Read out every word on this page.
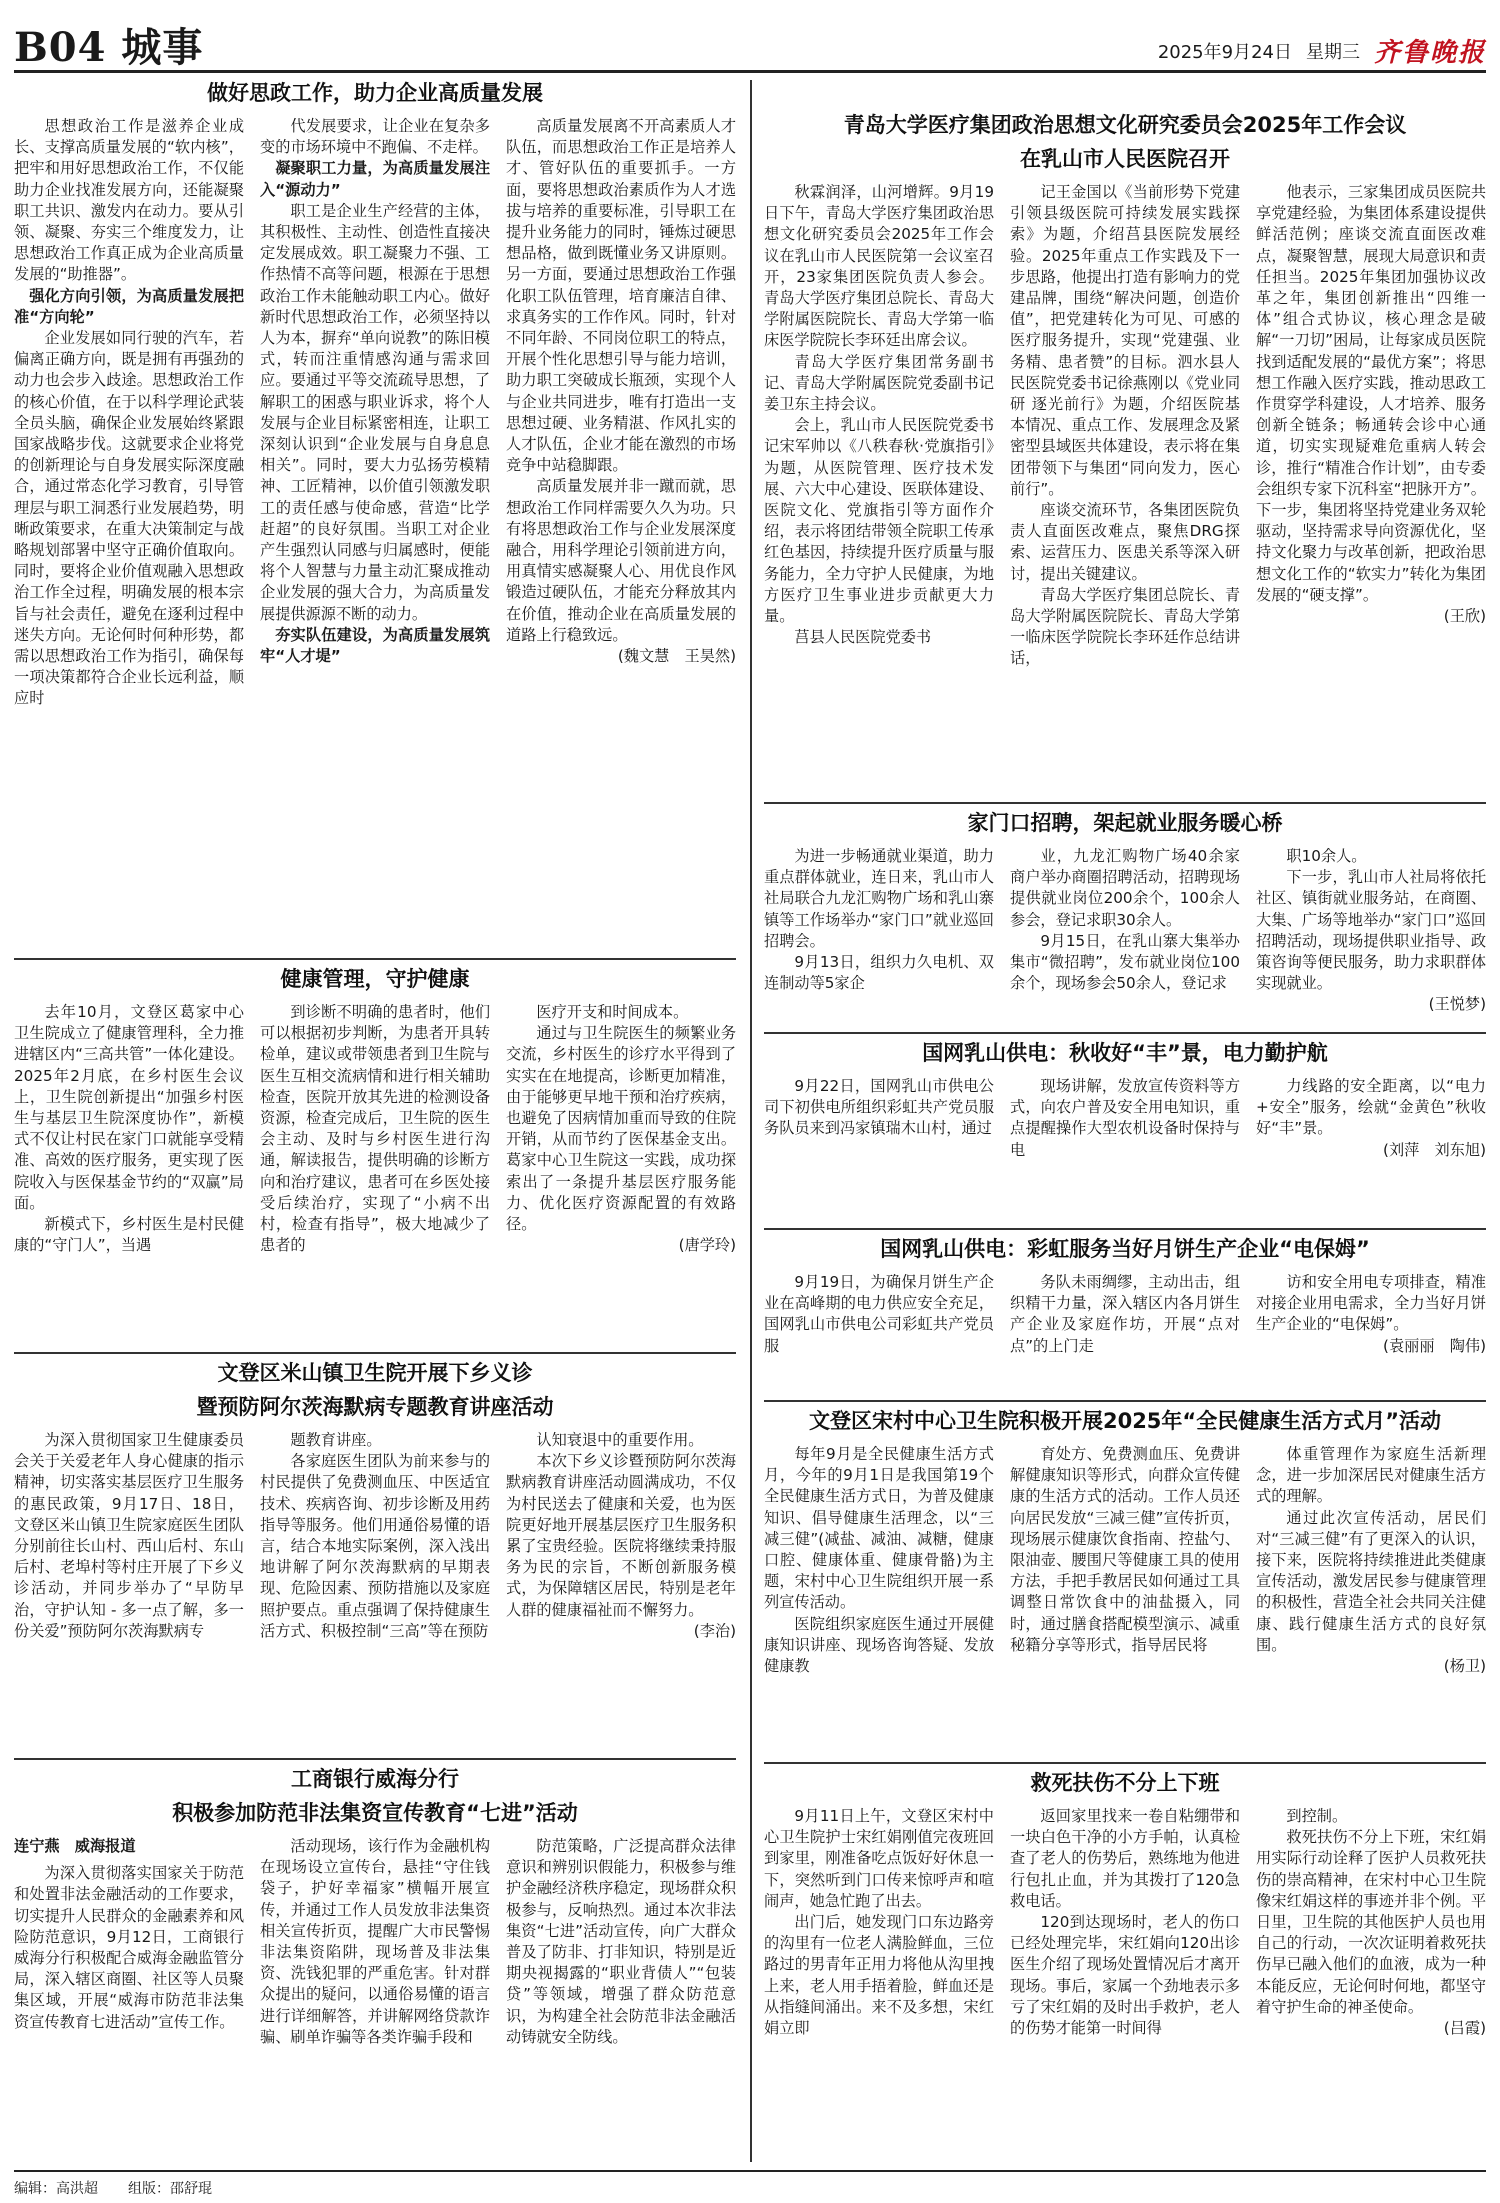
B04 城事	2025年9月24日 星期三 齐鲁晚报
做好思政工作，助力企业高质量发展

思想政治工作是滋养企业成长、支撑高质量发展的“软内核”，把牢和用好思想政治工作，不仅能助力企业找准发展方向，还能凝聚职工共识、激发内在动力。要从引领、凝聚、夯实三个维度发力，让思想政治工作真正成为企业高质量发展的“助推器”。

强化方向引领，为高质量发展把准“方向轮”

企业发展如同行驶的汽车，若偏离正确方向，既是拥有再强劲的动力也会步入歧途。思想政治工作的核心价值，在于以科学理论武装全员头脑，确保企业发展始终紧跟国家战略步伐。这就要求企业将党的创新理论与自身发展实际深度融合，通过常态化学习教育，引导管理层与职工洞悉行业发展趋势，明晰政策要求，在重大决策制定与战略规划部署中坚守正确价值取向。同时，要将企业价值观融入思想政治工作全过程，明确发展的根本宗旨与社会责任，避免在逐利过程中迷失方向。无论何时何种形势，都需以思想政治工作为指引，确保每一项决策都符合企业长远利益，顺应时

代发展要求，让企业在复杂多变的市场环境中不跑偏、不走样。

凝聚职工力量，为高质量发展注入“源动力”

职工是企业生产经营的主体，其积极性、主动性、创造性直接决定发展成效。职工凝聚力不强、工作热情不高等问题，根源在于思想政治工作未能触动职工内心。做好新时代思想政治工作，必须坚持以人为本，摒弃“单向说教”的陈旧模式，转而注重情感沟通与需求回应。要通过平等交流疏导思想，了解职工的困惑与职业诉求，将个人发展与企业目标紧密相连，让职工深刻认识到“企业发展与自身息息相关”。同时，要大力弘扬劳模精神、工匠精神，以价值引领激发职工的责任感与使命感，营造“比学赶超”的良好氛围。当职工对企业产生强烈认同感与归属感时，便能将个人智慧与力量主动汇聚成推动企业发展的强大合力，为高质量发展提供源源不断的动力。

夯实队伍建设，为高质量发展筑牢“人才堤”

高质量发展离不开高素质人才队伍，而思想政治工作正是培养人才、管好队伍的重要抓手。一方面，要将思想政治素质作为人才选拔与培养的重要标准，引导职工在提升业务能力的同时，锤炼过硬思想品格，做到既懂业务又讲原则。另一方面，要通过思想政治工作强化职工队伍管理，培育廉洁自律、求真务实的工作作风。同时，针对不同年龄、不同岗位职工的特点，开展个性化思想引导与能力培训，助力职工突破成长瓶颈，实现个人与企业共同进步，唯有打造出一支思想过硬、业务精湛、作风扎实的人才队伍，企业才能在激烈的市场竞争中站稳脚跟。

高质量发展并非一蹴而就，思想政治工作同样需要久久为功。只有将思想政治工作与企业发展深度融合，用科学理论引领前进方向，用真情实感凝聚人心、用优良作风锻造过硬队伍，才能充分释放其内在价值，推动企业在高质量发展的道路上行稳致远。

(魏文慧　王昊然)

健康管理，守护健康

去年10月，文登区葛家中心卫生院成立了健康管理科，全力推进辖区内“三高共管”一体化建设。2025年2月底，在乡村医生会议上，卫生院创新提出“加强乡村医生与基层卫生院深度协作”，新模式不仅让村民在家门口就能享受精准、高效的医疗服务，更实现了医院收入与医保基金节约的“双赢”局面。

新模式下，乡村医生是村民健康的“守门人”，当遇

到诊断不明确的患者时，他们可以根据初步判断，为患者开具转检单，建议或带领患者到卫生院与医生互相交流病情和进行相关辅助检查，医院开放其先进的检测设备资源，检查完成后，卫生院的医生会主动、及时与乡村医生进行沟通，解读报告，提供明确的诊断方向和治疗建议，患者可在乡医处接受后续治疗，实现了“小病不出村，检查有指导”，极大地减少了患者的

医疗开支和时间成本。

通过与卫生院医生的频繁业务交流，乡村医生的诊疗水平得到了实实在在地提高，诊断更加精准，由于能够更早地干预和治疗疾病，也避免了因病情加重而导致的住院开销，从而节约了医保基金支出。葛家中心卫生院这一实践，成功探索出了一条提升基层医疗服务能力、优化医疗资源配置的有效路径。

(唐学玲)

文登区米山镇卫生院开展下乡义诊
暨预防阿尔茨海默病专题教育讲座活动

为深入贯彻国家卫生健康委员会关于关爱老年人身心健康的指示精神，切实落实基层医疗卫生服务的惠民政策，9月17日、18日，文登区米山镇卫生院家庭医生团队分别前往长山村、西山后村、东山后村、老埠村等村庄开展了下乡义诊活动，并同步举办了“早防早治，守护认知 - 多一点了解，多一份关爱”预防阿尔茨海默病专

题教育讲座。

各家庭医生团队为前来参与的村民提供了免费测血压、中医适宜技术、疾病咨询、初步诊断及用药指导等服务。他们用通俗易懂的语言，结合本地实际案例，深入浅出地讲解了阿尔茨海默病的早期表现、危险因素、预防措施以及家庭照护要点。重点强调了保持健康生活方式、积极控制“三高”等在预防

认知衰退中的重要作用。

本次下乡义诊暨预防阿尔茨海默病教育讲座活动圆满成功，不仅为村民送去了健康和关爱，也为医院更好地开展基层医疗卫生服务积累了宝贵经验。医院将继续秉持服务为民的宗旨，不断创新服务模式，为保障辖区居民，特别是老年人群的健康福祉而不懈努力。

(李治)

工商银行威海分行
积极参加防范非法集资宣传教育“七进”活动

连宁燕　威海报道

为深入贯彻落实国家关于防范和处置非法金融活动的工作要求，切实提升人民群众的金融素养和风险防范意识，9月12日，工商银行威海分行积极配合威海金融监管分局，深入辖区商圈、社区等人员聚集区域，开展“威海市防范非法集资宣传教育七进活动”宣传工作。

活动现场，该行作为金融机构在现场设立宣传台，悬挂“守住钱袋子，护好幸福家”横幅开展宣传，并通过工作人员发放非法集资相关宣传折页，提醒广大市民警惕非法集资陷阱，现场普及非法集资、洗钱犯罪的严重危害。针对群众提出的疑问，以通俗易懂的语言进行详细解答，并讲解网络贷款诈骗、刷单诈骗等各类诈骗手段和

防范策略，广泛提高群众法律意识和辨别识假能力，积极参与维护金融经济秩序稳定，现场群众积极参与，反响热烈。通过本次非法集资“七进”活动宣传，向广大群众普及了防非、打非知识，特别是近期央视揭露的“职业背债人”“包装贷”等领域，增强了群众防范意识，为构建全社会防范非法金融活动铸就安全防线。

青岛大学医疗集团政治思想文化研究委员会2025年工作会议
在乳山市人民医院召开

秋霖润泽，山河增辉。9月19日下午，青岛大学医疗集团政治思想文化研究委员会2025年工作会议在乳山市人民医院第一会议室召开，23家集团医院负责人参会。青岛大学医疗集团总院长、青岛大学附属医院院长、青岛大学第一临床医学院院长李环廷出席会议。

青岛大学医疗集团常务副书记、青岛大学附属医院党委副书记姜卫东主持会议。

会上，乳山市人民医院党委书记宋军帅以《八秩春秋·党旗指引》为题，从医院管理、医疗技术发展、六大中心建设、医联体建设、医院文化、党旗指引等方面作介绍，表示将团结带领全院职工传承红色基因，持续提升医疗质量与服务能力，全力守护人民健康，为地方医疗卫生事业进步贡献更大力量。

莒县人民医院党委书

记王金国以《当前形势下党建引领县级医院可持续发展实践探索》为题，介绍莒县医院发展经验。2025年重点工作实践及下一步思路，他提出打造有影响力的党建品牌，围绕“解决问题，创造价值”，把党建转化为可见、可感的医疗服务提升，实现“党建强、业务精、患者赞”的目标。泗水县人民医院党委书记徐燕刚以《党业同研 逐光前行》为题，介绍医院基本情况、重点工作、发展理念及紧密型县域医共体建设，表示将在集团带领下与集团“同向发力，医心前行”。

座谈交流环节，各集团医院负责人直面医改难点，聚焦DRG探索、运营压力、医患关系等深入研讨，提出关键建议。

青岛大学医疗集团总院长、青岛大学附属医院院长、青岛大学第一临床医学院院长李环廷作总结讲话，

他表示，三家集团成员医院共享党建经验，为集团体系建设提供鲜活范例；座谈交流直面医改难点，凝聚智慧，展现大局意识和责任担当。2025年集团加强协议改革之年，集团创新推出“四维一体”组合式协议，核心理念是破解“一刀切”困局，让每家成员医院找到适配发展的“最优方案”；将思想工作融入医疗实践，推动思政工作贯穿学科建设，人才培养、服务创新全链条；畅通转会诊中心通道，切实实现疑难危重病人转会诊，推行“精准合作计划”，由专委会组织专家下沉科室“把脉开方”。下一步，集团将坚持党建业务双轮驱动，坚持需求导向资源优化，坚持文化聚力与改革创新，把政治思想文化工作的“软实力”转化为集团发展的“硬支撑”。

(王欣)

家门口招聘，架起就业服务暖心桥

为进一步畅通就业渠道，助力重点群体就业，连日来，乳山市人社局联合九龙汇购物广场和乳山寨镇等工作场举办“家门口”就业巡回招聘会。

9月13日，组织力久电机、双连制动等5家企

业，九龙汇购物广场40余家商户举办商圈招聘活动，招聘现场提供就业岗位200余个，100余人参会，登记求职30余人。

9月15日，在乳山寨大集举办集市“微招聘”，发布就业岗位100余个，现场参会50余人，登记求

职10余人。

下一步，乳山市人社局将依托社区、镇街就业服务站，在商圈、大集、广场等地举办“家门口”巡回招聘活动，现场提供职业指导、政策咨询等便民服务，助力求职群体实现就业。

(王悦梦)

国网乳山供电：秋收好“丰”景，电力勤护航

9月22日，国网乳山市供电公司下初供电所组织彩虹共产党员服务队员来到冯家镇瑞木山村，通过

现场讲解，发放宣传资料等方式，向农户普及安全用电知识，重点提醒操作大型农机设备时保持与电

力线路的安全距离，以“电力+安全”服务，绘就“金黄色”秋收好“丰”景。

(刘萍　刘东旭)

国网乳山供电：彩虹服务当好月饼生产企业“电保姆”

9月19日，为确保月饼生产企业在高峰期的电力供应安全充足，国网乳山市供电公司彩虹共产党员服

务队未雨绸缪，主动出击，组织精干力量，深入辖区内各月饼生产企业及家庭作坊，开展“点对点”的上门走

访和安全用电专项排查，精准对接企业用电需求，全力当好月饼生产企业的“电保姆”。

(袁丽丽　陶伟)

文登区宋村中心卫生院积极开展2025年“全民健康生活方式月”活动

每年9月是全民健康生活方式月，今年的9月1日是我国第19个全民健康生活方式日，为普及健康知识、倡导健康生活理念，以“三减三健”(减盐、减油、减糖，健康口腔、健康体重、健康骨骼)为主题，宋村中心卫生院组织开展一系列宣传活动。

医院组织家庭医生通过开展健康知识讲座、现场咨询答疑、发放健康教

育处方、免费测血压、免费讲解健康知识等形式，向群众宣传健康的生活方式的活动。工作人员还向居民发放“三减三健”宣传折页，现场展示健康饮食指南、控盐勺、限油壶、腰围尺等健康工具的使用方法，手把手教居民如何通过工具调整日常饮食中的油盐摄入，同时，通过膳食搭配模型演示、减重秘籍分享等形式，指导居民将

体重管理作为家庭生活新理念，进一步加深居民对健康生活方式的理解。

通过此次宣传活动，居民们对“三减三健”有了更深入的认识，接下来，医院将持续推进此类健康宣传活动，激发居民参与健康管理的积极性，营造全社会共同关注健康、践行健康生活方式的良好氛围。

(杨卫)

救死扶伤不分上下班

9月11日上午，文登区宋村中心卫生院护士宋红娟刚值完夜班回到家里，刚准备吃点饭好好休息一下，突然听到门口传来惊呼声和喧闹声，她急忙跑了出去。

出门后，她发现门口东边路旁的沟里有一位老人满脸鲜血，三位路过的男青年正用力将他从沟里拽上来，老人用手捂着脸，鲜血还是从指缝间涌出。来不及多想，宋红娟立即

返回家里找来一卷自粘绷带和一块白色干净的小方手帕，认真检查了老人的伤势后，熟练地为他进行包扎止血，并为其拨打了120急救电话。

120到达现场时，老人的伤口已经处理完毕，宋红娟向120出诊医生介绍了现场处置情况后才离开现场。事后，家属一个劲地表示多亏了宋红娟的及时出手救护，老人的伤势才能第一时间得

到控制。

救死扶伤不分上下班，宋红娟用实际行动诠释了医护人员救死扶伤的崇高精神，在宋村中心卫生院像宋红娟这样的事迹并非个例。平日里，卫生院的其他医护人员也用自己的行动，一次次证明着救死扶伤早已融入他们的血液，成为一种本能反应，无论何时何地，都坚守着守护生命的神圣使命。

(吕霞)

编辑：高洪超 组版：邵舒琨
